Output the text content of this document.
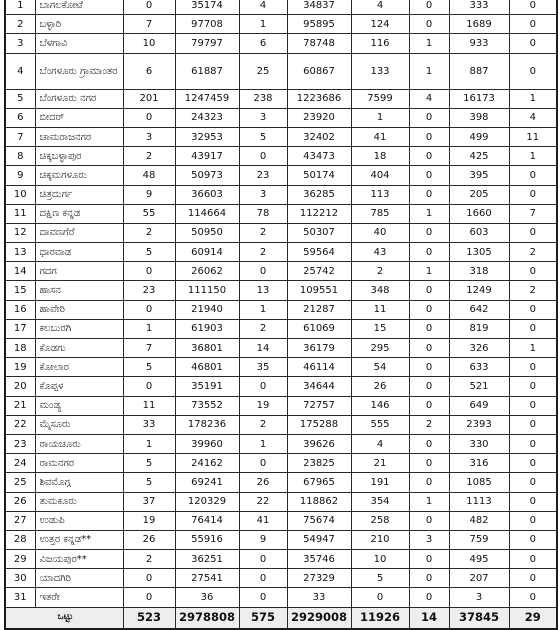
1	ಬಾಗಲಕೋಟೆ	0	35174	4	34837	4	0	333	0
2	ಬಳ್ಳಾರಿ	7	97708	1	95895	124	0	1689	0
3	ಬೆಳಗಾವಿ	10	79797	6	78748	116	1	933	0
4	ಬೆಂಗಳೂರು ಗ್ರಾಮಾಂತರ	6	61887	25	60867	133	1	887	0
5	ಬೆಂಗಳೂರು ನಗರ	201	1247459	238	1223686	7599	4	16173	1
6	ಬೀದರ್	0	24323	3	23920	1	0	398	4
7	ಚಾಮರಾಜನಗರ	3	32953	5	32402	41	0	499	11
8	ಚಿಕ್ಕಬಳ್ಳಾಪುರ	2	43917	0	43473	18	0	425	1
9	ಚಿಕ್ಕಮಗಳೂರು	48	50973	23	50174	404	0	395	0
10	ಚಿತ್ರದುರ್ಗ	9	36603	3	36285	113	0	205	0
11	ದಕ್ಷಿಣ ಕನ್ನಡ	55	114664	78	112212	785	1	1660	7
12	ದಾವಣಗೆರೆ	2	50950	2	50307	40	0	603	0
13	ಧಾರವಾಡ	5	60914	2	59564	43	0	1305	2
14	ಗದಗ	0	26062	0	25742	2	1	318	0
15	ಹಾಸನ	23	111150	13	109551	348	0	1249	2
16	ಹಾವೇರಿ	0	21940	1	21287	11	0	642	0
17	ಕಲಬುರಗಿ	1	61903	2	61069	15	0	819	0
18	ಕೊಡಗು	7	36801	14	36179	295	0	326	1
19	ಕೋಲಾರ	5	46801	35	46114	54	0	633	0
20	ಕೊಪ್ಪಳ	0	35191	0	34644	26	0	521	0
21	ಮಂಡ್ಯ	11	73552	19	72757	146	0	649	0
22	ಮೈಸೂರು	33	178236	2	175288	555	2	2393	0
23	ರಾಯಚೂರು	1	39960	1	39626	4	0	330	0
24	ರಾಮನಗರ	5	24162	0	23825	21	0	316	0
25	ಶಿವಮೊಗ್ಗ	5	69241	26	67965	191	0	1085	0
26	ತುಮಕೂರು	37	120329	22	118862	354	1	1113	0
27	ಉಡುಪಿ	19	76414	41	75674	258	0	482	0
28	ಉತ್ತರ ಕನ್ನಡ**	26	55916	9	54947	210	3	759	0
29	ವಿಜಯಪುರ**	2	36251	0	35746	10	0	495	0
30	ಯಾದಗಿರಿ	0	27541	0	27329	5	0	207	0
31	ಇತರೇ	0	36	0	33	0	0	3	0
ಒಟ್ಟು		523	2978808	575	2929008	11926	14	37845	29
